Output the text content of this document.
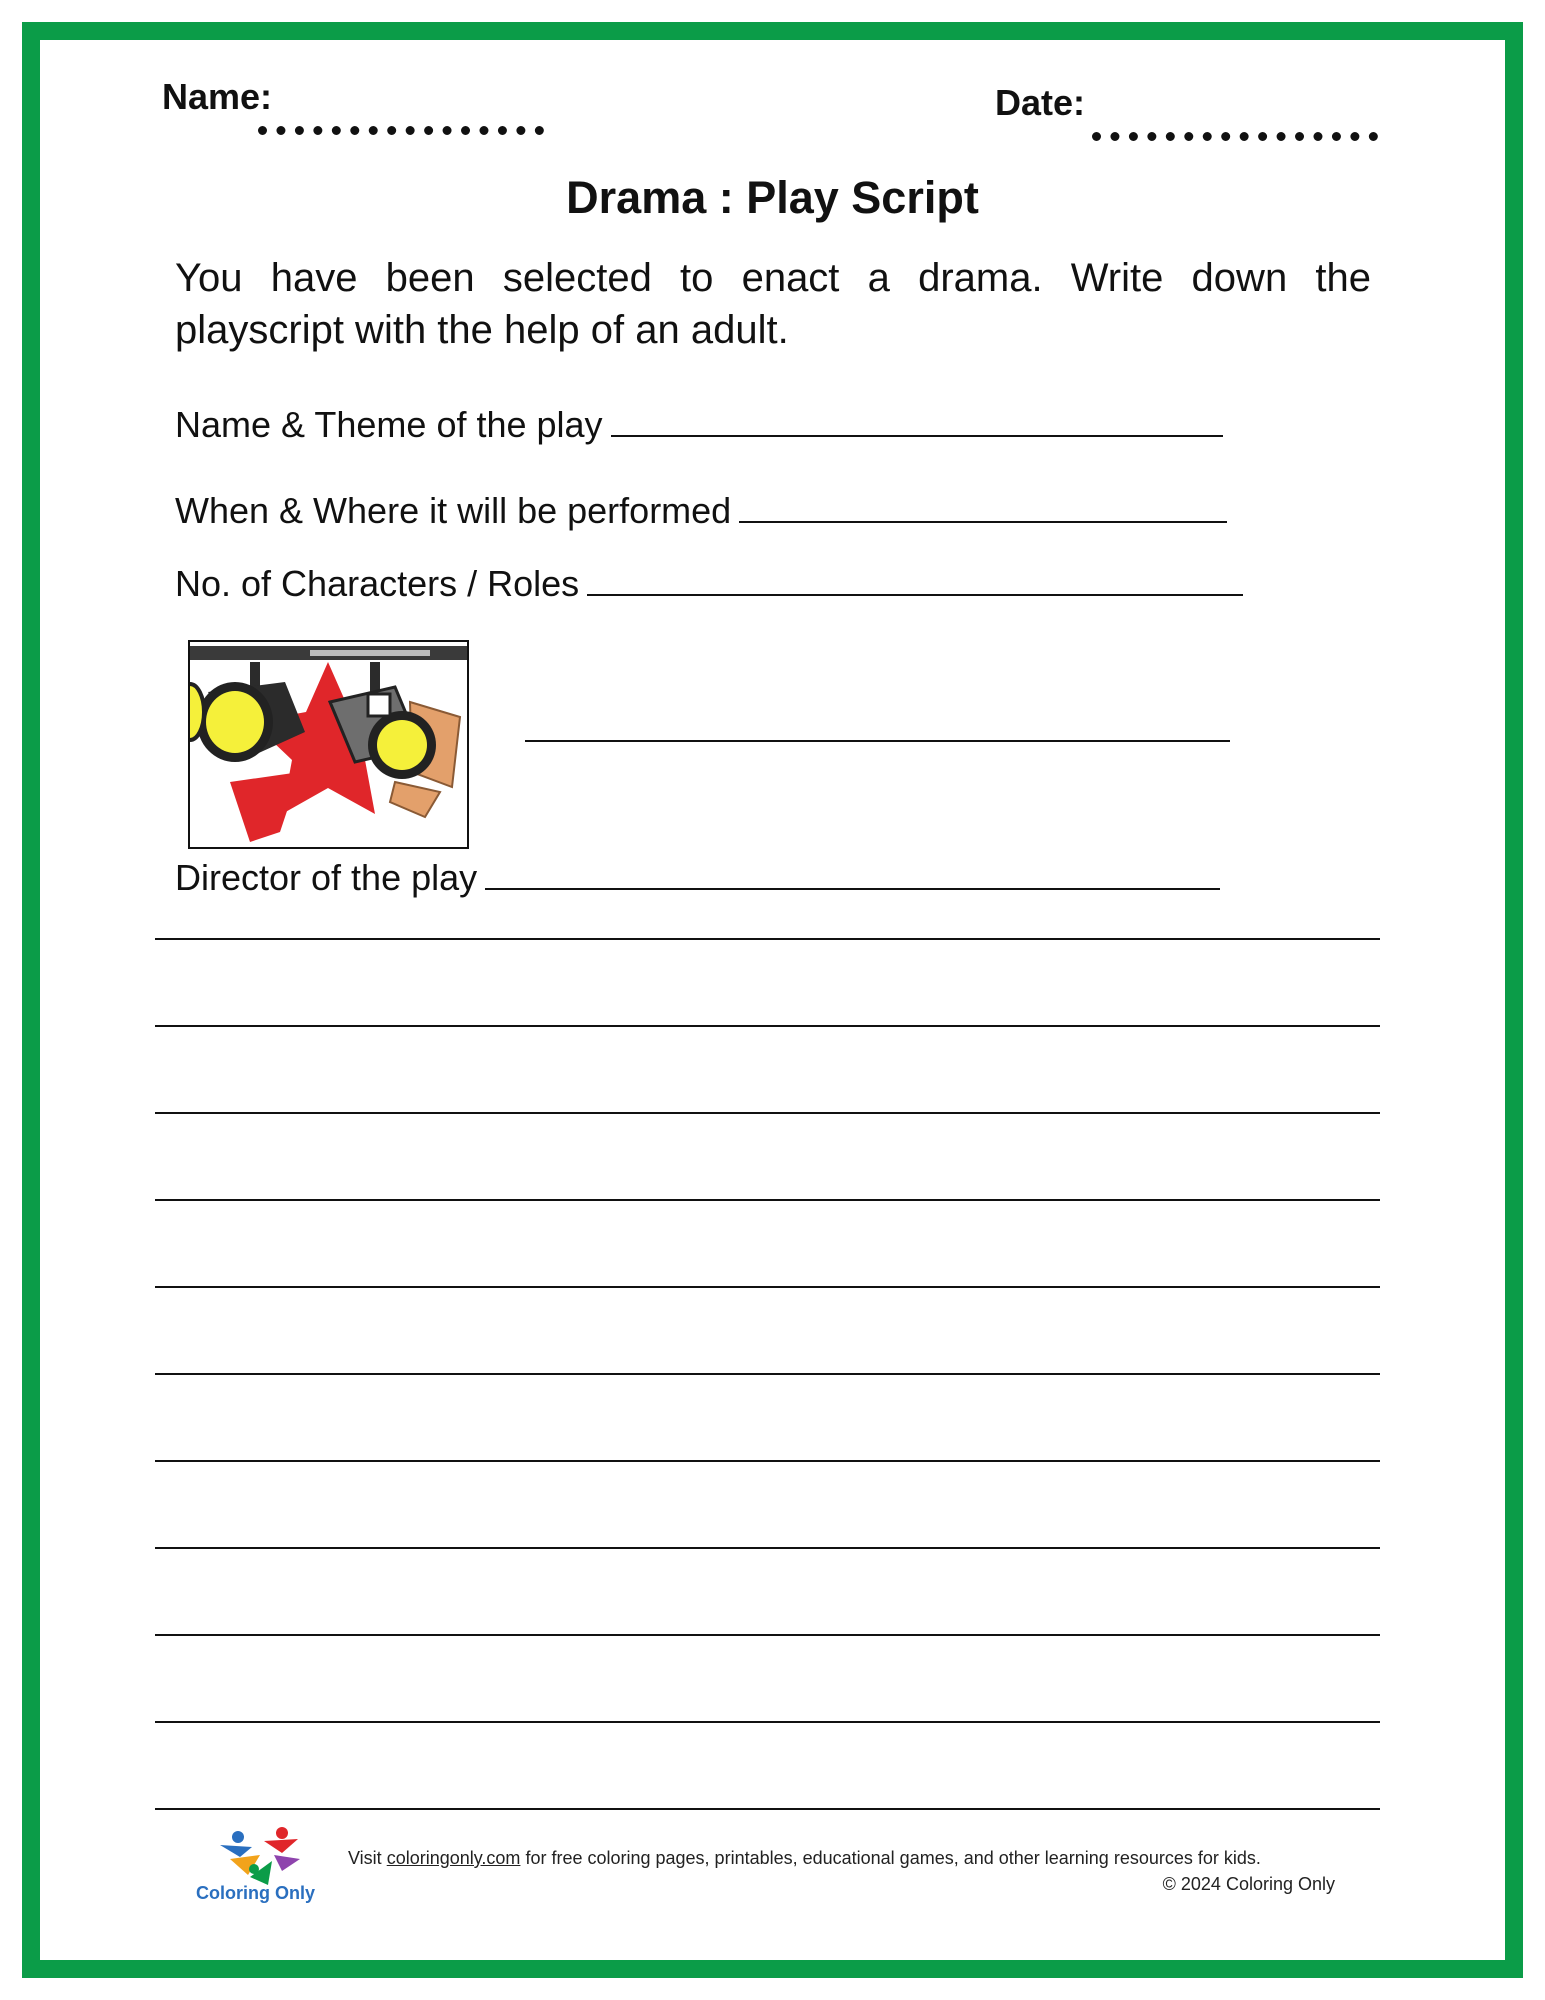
Name:	Date:
Drama : Play Script

You have been selected to enact a drama. Write down the playscript with the help of an adult.

Name & Theme of the play
When & Where it will be performed
No. of Characters / Roles
Director of the play
Coloring Only
Visit coloringonly.com for free coloring pages, printables, educational games, and other learning resources for kids.
© 2024 Coloring Only
